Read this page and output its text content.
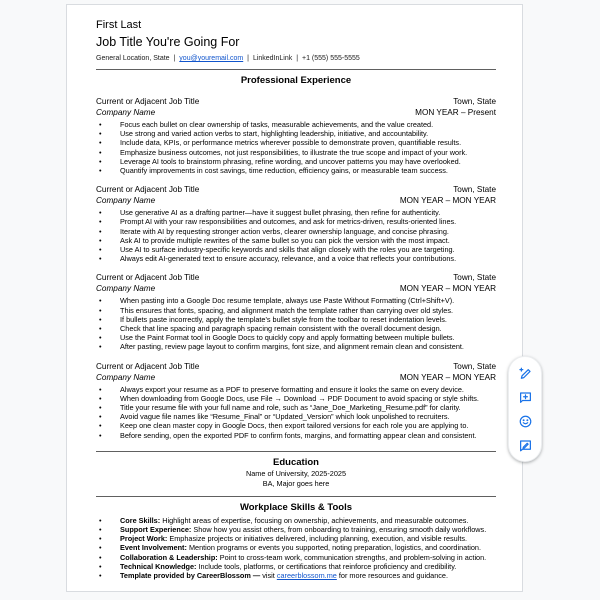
First Last
Job Title You're Going For
General Location, State | you@youremail.com | LinkedInLink | +1 (555) 555-5555
Professional Experience
Current or Adjacent Job Title	Town, State
Company Name	MON YEAR – Present
• Focus each bullet on clear ownership of tasks, measurable achievements, and the value created.
• Use strong and varied action verbs to start, highlighting leadership, initiative, and accountability.
• Include data, KPIs, or performance metrics wherever possible to demonstrate proven, quantifiable results.
• Emphasize business outcomes, not just responsibilities, to illustrate the true scope and impact of your work.
• Leverage AI tools to brainstorm phrasing, refine wording, and uncover patterns you may have overlooked.
• Quantify improvements in cost savings, time reduction, efficiency gains, or measurable team success.
Current or Adjacent Job Title	Town, State
Company Name	MON YEAR – MON YEAR
• Use generative AI as a drafting partner—have it suggest bullet phrasing, then refine for authenticity.
• Prompt AI with your raw responsibilities and outcomes, and ask for metrics-driven, results-oriented lines.
• Iterate with AI by requesting stronger action verbs, clearer ownership language, and concise phrasing.
• Ask AI to provide multiple rewrites of the same bullet so you can pick the version with the most impact.
• Use AI to surface industry-specific keywords and skills that align closely with the roles you are targeting.
• Always edit AI-generated text to ensure accuracy, relevance, and a voice that reflects your contributions.
Current or Adjacent Job Title	Town, State
Company Name	MON YEAR – MON YEAR
• When pasting into a Google Doc resume template, always use Paste Without Formatting (Ctrl+Shift+V).
• This ensures that fonts, spacing, and alignment match the template rather than carrying over old styles.
• If bullets paste incorrectly, apply the template's bullet style from the toolbar to reset indentation levels.
• Check that line spacing and paragraph spacing remain consistent with the overall document design.
• Use the Paint Format tool in Google Docs to quickly copy and apply formatting between multiple bullets.
• After pasting, review page layout to confirm margins, font size, and alignment remain clean and consistent.
Current or Adjacent Job Title	Town, State
Company Name	MON YEAR – MON YEAR
• Always export your resume as a PDF to preserve formatting and ensure it looks the same on every device.
• When downloading from Google Docs, use File → Download → PDF Document to avoid spacing or style shifts.
• Title your resume file with your full name and role, such as “Jane_Doe_Marketing_Resume.pdf” for clarity.
• Avoid vague file names like “Resume_Final” or “Updated_Version” which look unpolished to recruiters.
• Keep one clean master copy in Google Docs, then export tailored versions for each role you are applying to.
• Before sending, open the exported PDF to confirm fonts, margins, and formatting appear clean and consistent.
Education
Name of University, 2025-2025
BA, Major goes here
Workplace Skills & Tools
• Core Skills: Highlight areas of expertise, focusing on ownership, achievements, and measurable outcomes.
• Support Experience: Show how you assist others, from onboarding to training, ensuring smooth daily workflows.
• Project Work: Emphasize projects or initiatives delivered, including planning, execution, and visible results.
• Event Involvement: Mention programs or events you supported, noting preparation, logistics, and coordination.
• Collaboration & Leadership: Point to cross-team work, communication strengths, and problem-solving in action.
• Technical Knowledge: Include tools, platforms, or certifications that reinforce proficiency and credibility.
• Template provided by CareerBlossom — visit careerblossom.me for more resources and guidance.
